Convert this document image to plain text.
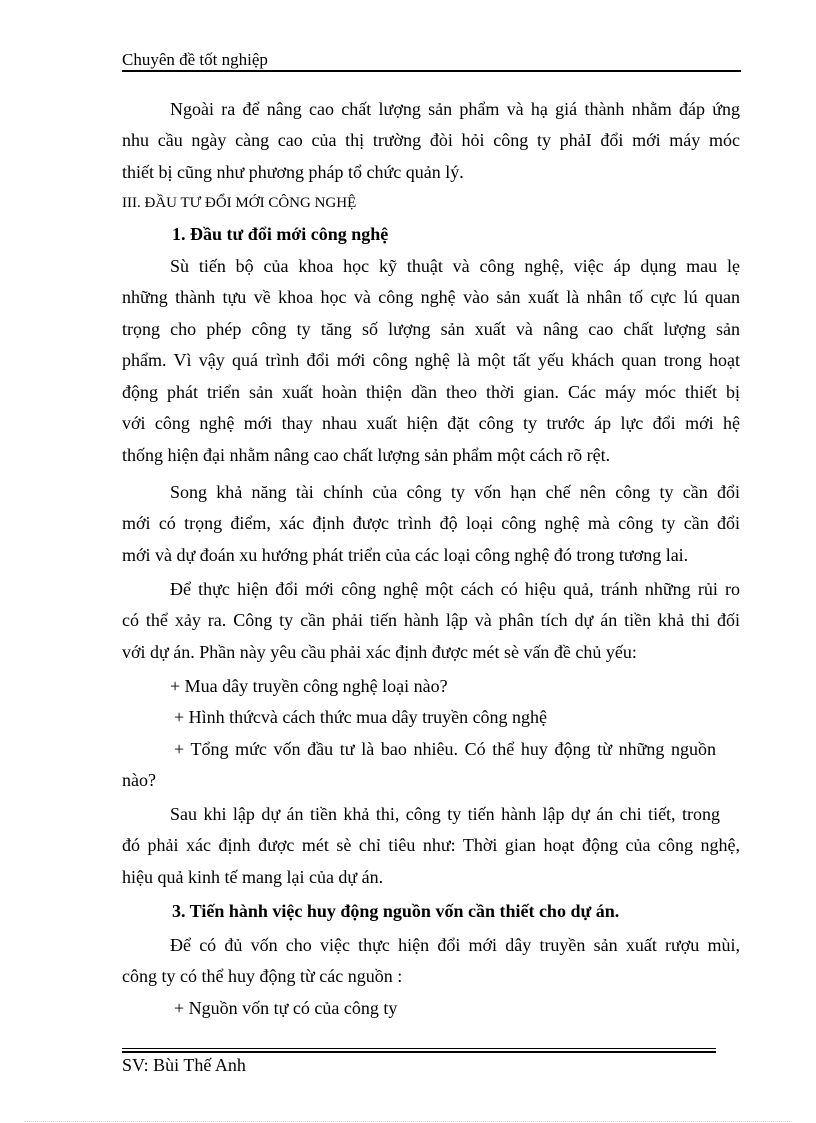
Chuyên đề tốt nghiệp
Ngoài ra để nâng cao chất lượng sản phẩm và hạ giá thành nhằm đáp ứng
nhu cầu ngày càng cao của thị trường đòi hỏi công ty phảI đổi mới máy móc
thiết bị cũng như phương pháp tổ chức quản lý.
III. ĐẦU TƯ ĐỔI MỚI CÔNG NGHỆ
1. Đầu tư đổi mới công nghệ
Sù tiến bộ của khoa học kỹ thuật và công nghệ, việc áp dụng mau lẹ
những thành tựu về khoa học và công nghệ vào sản xuất là nhân tố cực lú quan
trọng cho phép công ty tăng số lượng sản xuất và nâng cao chất lượng sản
phẩm. Vì vậy quá trình đổi mới công nghệ là một tất yếu khách quan trong hoạt
động phát triển sản xuất hoàn thiện dần theo thời gian. Các máy móc thiết bị
với công nghệ mới thay nhau xuất hiện đặt công ty trước áp lực đổi mới hệ
thống hiện đại nhằm nâng cao chất lượng sản phẩm một cách rõ rệt.
Song khả năng tài chính của công ty vốn hạn chế nên công ty cần đổi
mới có trọng điểm, xác định được trình độ loại công nghệ mà công ty cần đổi
mới và dự đoán xu hướng phát triển của các loại công nghệ đó trong tương lai.
Để thực hiện đổi mới công nghệ một cách có hiệu quả, tránh những rủi ro
có thể xảy ra. Công ty cần phải tiến hành lập và phân tích dự án tiền khả thi đối
với dự án. Phần này yêu cầu phải xác định được mét sè vấn đề chủ yếu:
+ Mua dây truyền công nghệ loại nào?
+ Hình thứcvà cách thức mua dây truyền công nghệ
+ Tổng mức vốn đầu tư là bao nhiêu. Có thể huy động từ những nguồn
nào?
Sau khi lập dự án tiền khả thi, công ty tiến hành lập dự án chi tiết, trong
đó phải xác định được mét sè chỉ tiêu như: Thời gian hoạt động của công nghệ,
hiệu quả kinh tế mang lại của dự án.
3. Tiến hành việc huy động nguồn vốn cần thiết cho dự án.
Để có đủ vốn cho việc thực hiện đổi mới dây truyền sản xuất rượu mùi,
công ty có thể huy động từ các nguồn :
+ Nguồn vốn tự có của công ty
SV: Bùi Thế Anh
